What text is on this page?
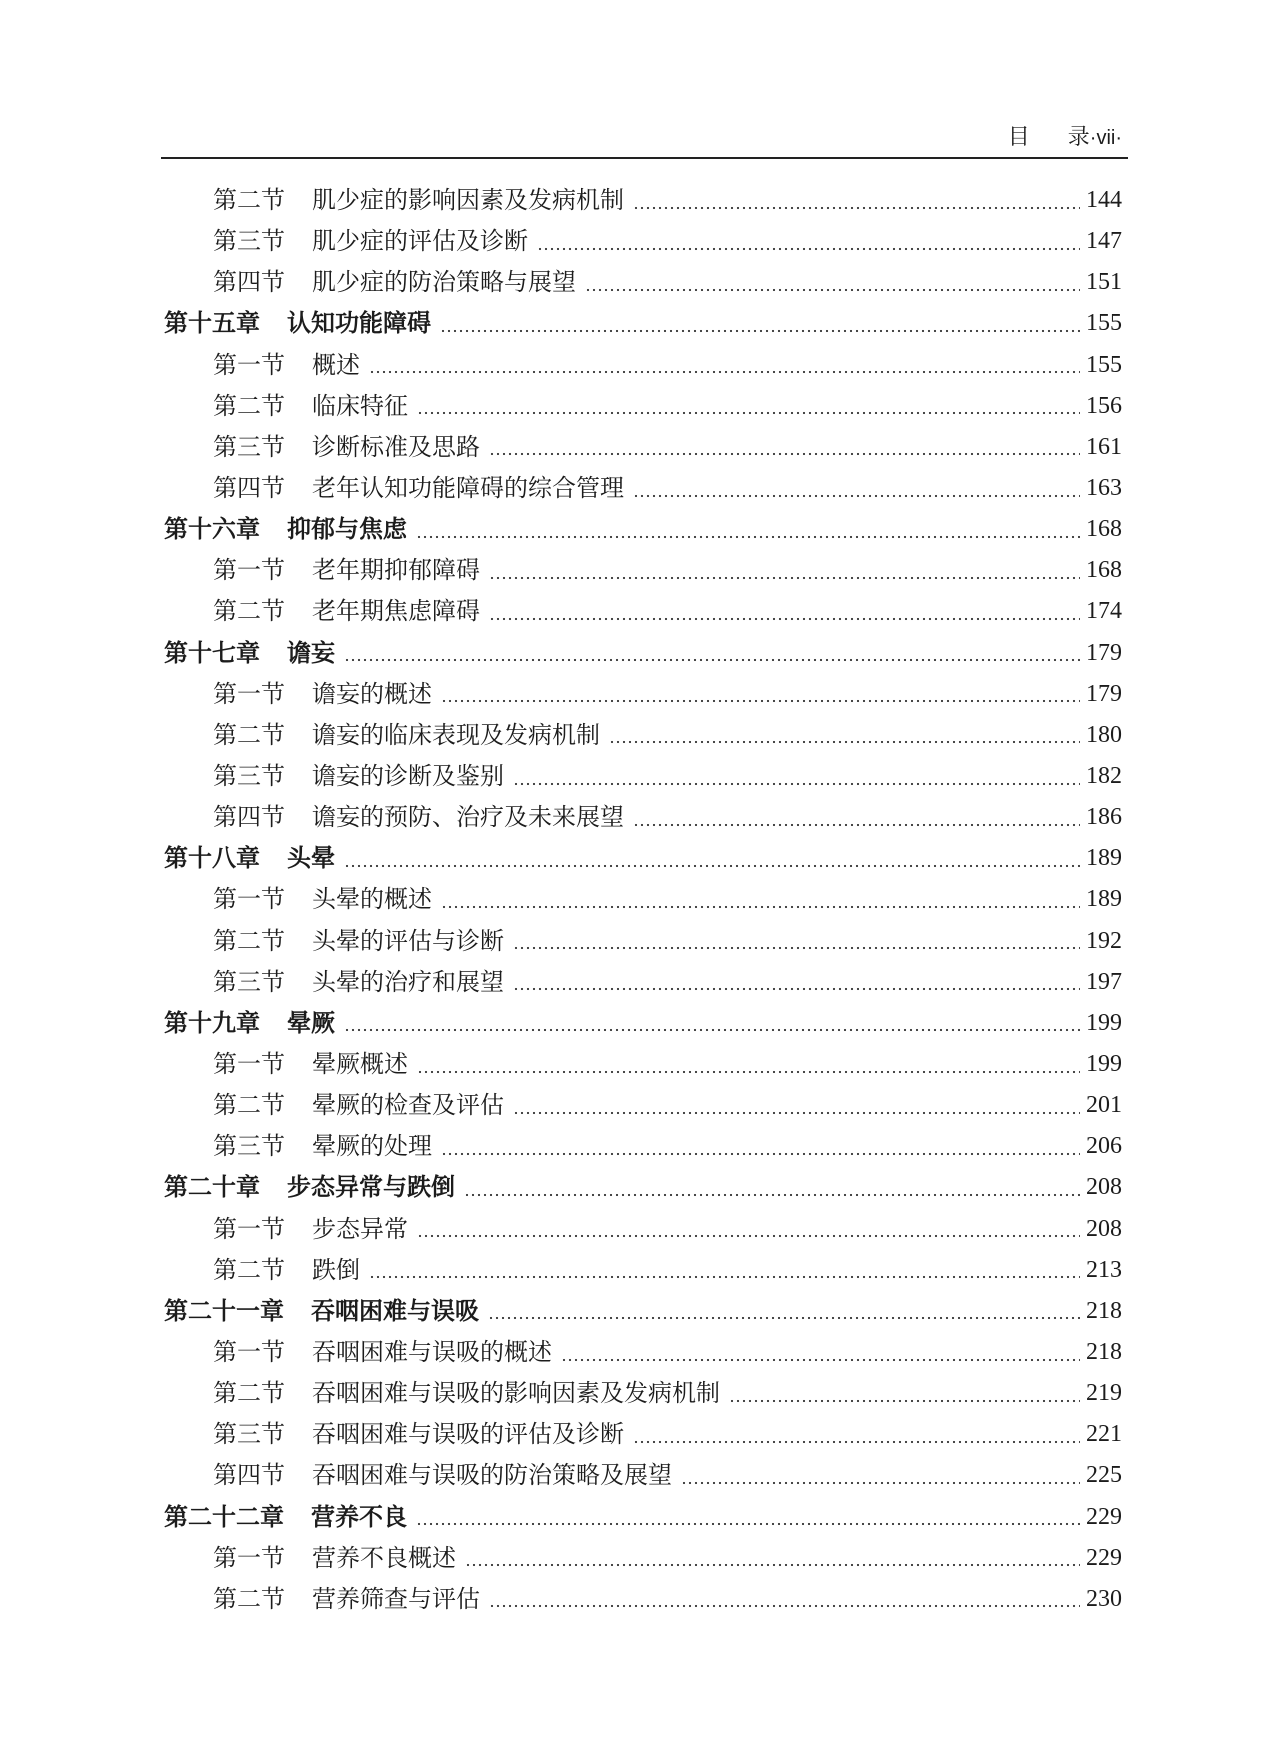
目 录·vii·
第二节 肌少症的影响因素及发病机制	144
第三节 肌少症的评估及诊断	147
第四节 肌少症的防治策略与展望	151
第十五章 认知功能障碍	155
第一节 概述	155
第二节 临床特征	156
第三节 诊断标准及思路	161
第四节 老年认知功能障碍的综合管理	163
第十六章 抑郁与焦虑	168
第一节 老年期抑郁障碍	168
第二节 老年期焦虑障碍	174
第十七章 谵妄	179
第一节 谵妄的概述	179
第二节 谵妄的临床表现及发病机制	180
第三节 谵妄的诊断及鉴别	182
第四节 谵妄的预防、治疗及未来展望	186
第十八章 头晕	189
第一节 头晕的概述	189
第二节 头晕的评估与诊断	192
第三节 头晕的治疗和展望	197
第十九章 晕厥	199
第一节 晕厥概述	199
第二节 晕厥的检查及评估	201
第三节 晕厥的处理	206
第二十章 步态异常与跌倒	208
第一节 步态异常	208
第二节 跌倒	213
第二十一章 吞咽困难与误吸	218
第一节 吞咽困难与误吸的概述	218
第二节 吞咽困难与误吸的影响因素及发病机制	219
第三节 吞咽困难与误吸的评估及诊断	221
第四节 吞咽困难与误吸的防治策略及展望	225
第二十二章 营养不良	229
第一节 营养不良概述	229
第二节 营养筛查与评估	230
